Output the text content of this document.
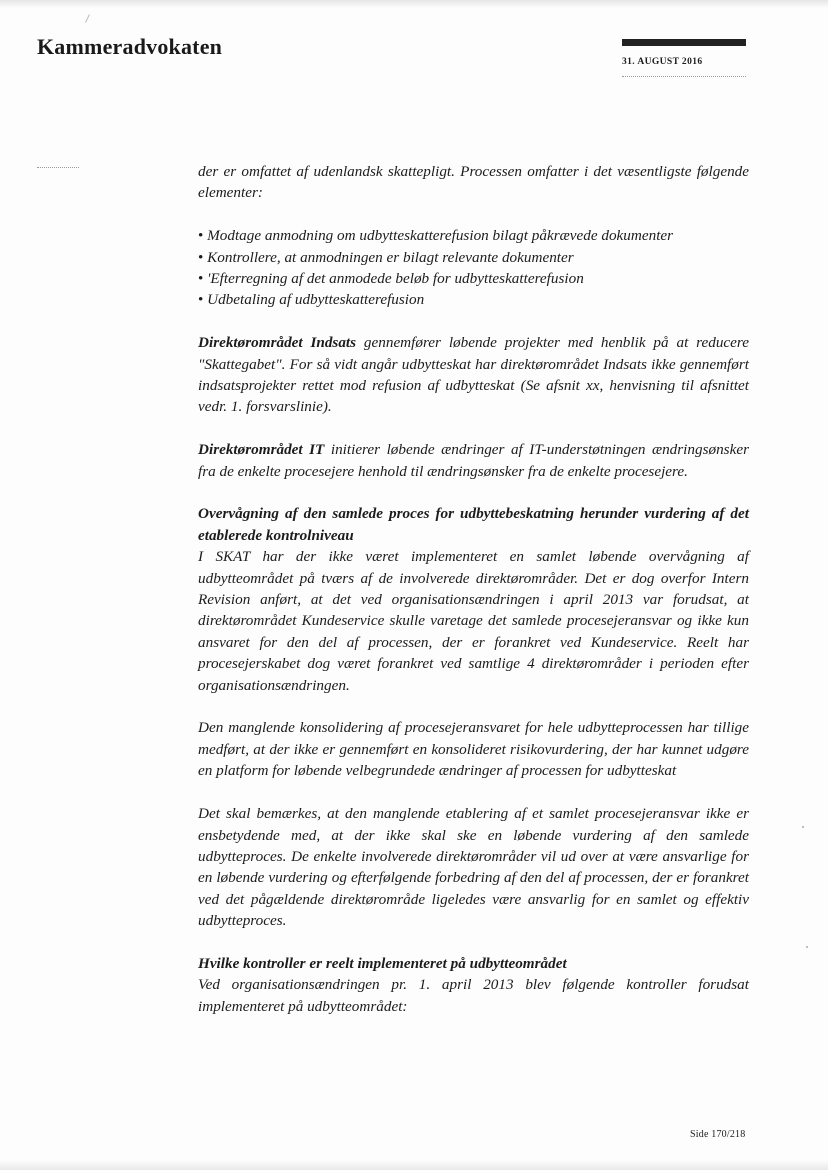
Kammeradvokaten
31. AUGUST 2016

der er omfattet af udenlandsk skattepligt. Processen omfatter i det væsentligste følgende elementer:

• Modtage anmodning om udbytteskatterefusion bilagt påkrævede dokumenter
• Kontrollere, at anmodningen er bilagt relevante dokumenter
• 'Efterregning af det anmodede beløb for udbytteskatterefusion
• Udbetaling af udbytteskatterefusion

Direktørområdet Indsats gennemfører løbende projekter med henblik på at reducere "Skattegabet". For så vidt angår udbytteskat har direktørområdet Indsats ikke gennemført indsatsprojekter rettet mod refusion af udbytteskat (Se afsnit xx, henvisning til afsnittet vedr. 1. forsvarslinie).

Direktørområdet IT initierer løbende ændringer af IT-understøtningen ændringsønsker fra de enkelte procesejere henhold til ændringsønsker fra de enkelte procesejere.

Overvågning af den samlede proces for udbyttebeskatning herunder vurdering af det etablerede kontrolniveau

I SKAT har der ikke været implementeret en samlet løbende overvågning af udbytteområdet på tværs af de involverede direktørområder. Det er dog overfor Intern Revision anført, at det ved organisationsændringen i april 2013 var forudsat, at direktørområdet Kundeservice skulle varetage det samlede procesejeransvar og ikke kun ansvaret for den del af processen, der er forankret ved Kundeservice. Reelt har procesejerskabet dog været forankret ved samtlige 4 direktørområder i perioden efter organisationsændringen.

Den manglende konsolidering af procesejeransvaret for hele udbytteprocessen har tillige medført, at der ikke er gennemført en konsolideret risikovurdering, der har kunnet udgøre en platform for løbende velbegrundede ændringer af processen for udbytteskat

Det skal bemærkes, at den manglende etablering af et samlet procesejeransvar ikke er ensbetydende med, at der ikke skal ske en løbende vurdering af den samlede udbytteproces. De enkelte involverede direktørområder vil ud over at være ansvarlige for en løbende vurdering og efterfølgende forbedring af den del af processen, der er forankret ved det pågældende direktørområde ligeledes være ansvarlig for en samlet og effektiv udbytteproces.

Hvilke kontroller er reelt implementeret på udbytteområdet

Ved organisationsændringen pr. 1. april 2013 blev følgende kontroller forudsat implementeret på udbytteområdet:

Side 170/218
